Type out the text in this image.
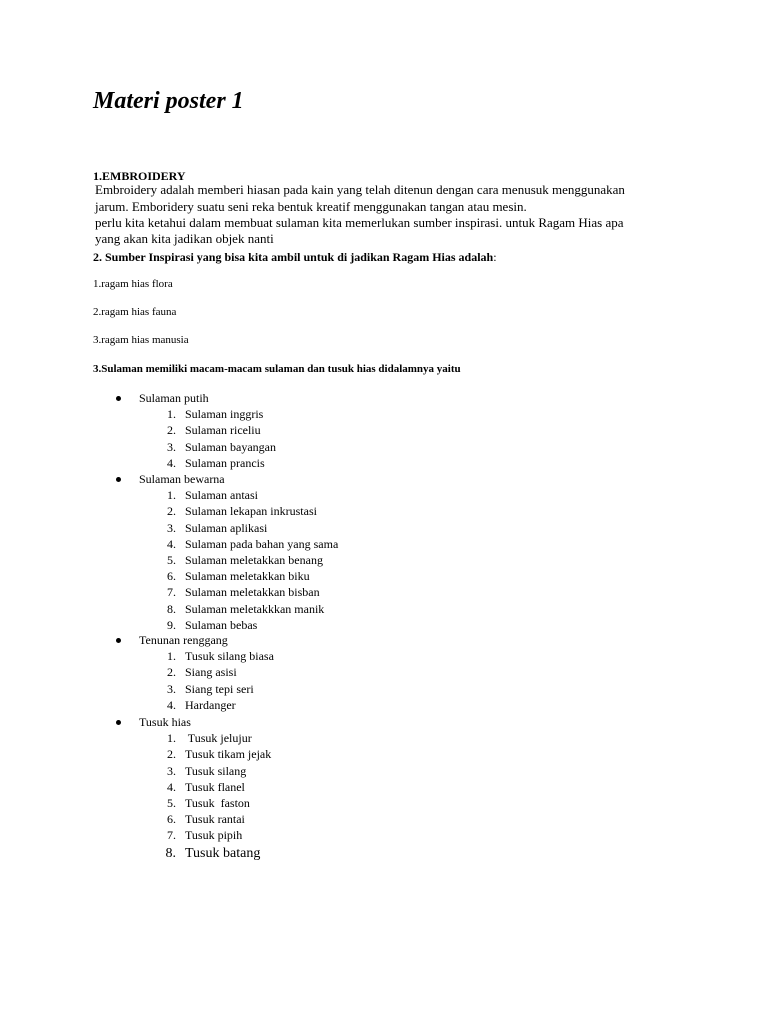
Materi poster 1
1.EMBROIDERY
Embroidery adalah memberi hiasan pada kain yang telah ditenun dengan cara menusuk menggunakan
jarum. Emboridery suatu seni reka bentuk kreatif menggunakan tangan atau mesin.
perlu kita ketahui dalam membuat sulaman kita memerlukan sumber inspirasi. untuk Ragam Hias apa
yang akan kita jadikan objek nanti
2. Sumber Inspirasi yang bisa kita ambil untuk di jadikan Ragam Hias adalah:
1.ragam hias flora
2.ragam hias fauna
3.ragam hias manusia
3.Sulaman memiliki macam-macam sulaman dan tusuk hias didalamnya yaitu
Sulaman putih
1. Sulaman inggris
2. Sulaman riceliu
3. Sulaman bayangan
4. Sulaman prancis
Sulaman bewarna
1. Sulaman antasi
2. Sulaman lekapan inkrustasi
3. Sulaman aplikasi
4. Sulaman pada bahan yang sama
5. Sulaman meletakkan benang
6. Sulaman meletakkan biku
7. Sulaman meletakkan bisban
8. Sulaman meletakkkan manik
9. Sulaman bebas
Tenunan renggang
1. Tusuk silang biasa
2. Siang asisi
3. Siang tepi seri
4. Hardanger
Tusuk hias
1. Tusuk jelujur
2. Tusuk tikam jejak
3. Tusuk silang
4. Tusuk flanel
5. Tusuk  faston
6. Tusuk rantai
7. Tusuk pipih
8. Tusuk batang
